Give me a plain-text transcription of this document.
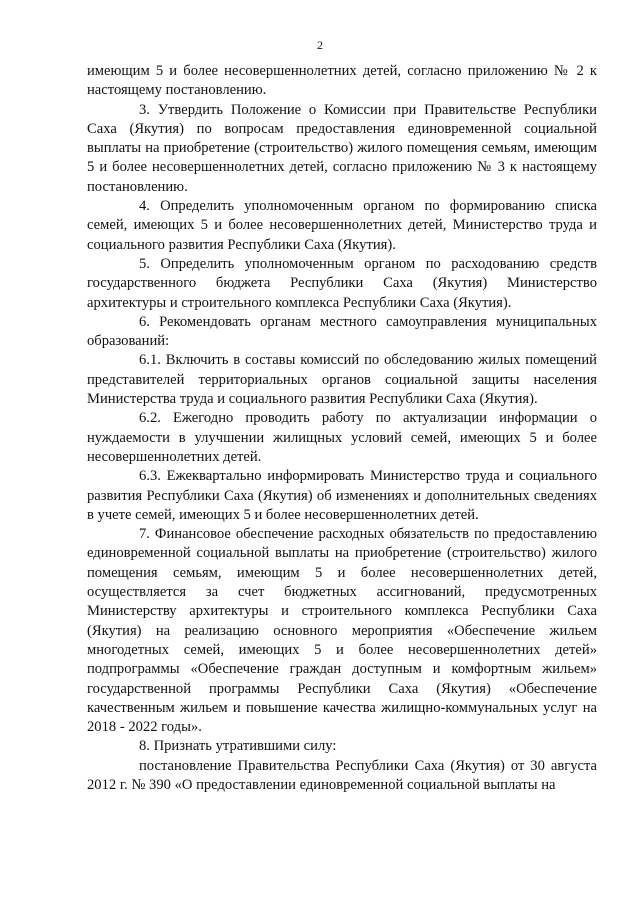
2

имеющим 5 и более несовершеннолетних детей, согласно приложению № 2 к настоящему постановлению.

3. Утвердить Положение о Комиссии при Правительстве Республики Саха (Якутия) по вопросам предоставления единовременной социальной выплаты на приобретение (строительство) жилого помещения семьям, имеющим 5 и более несовершеннолетних детей, согласно приложению № 3 к настоящему постановлению.

4. Определить уполномоченным органом по формированию списка семей, имеющих 5 и более несовершеннолетних детей, Министерство труда и социального развития Республики Саха (Якутия).

5. Определить уполномоченным органом по расходованию средств государственного бюджета Республики Саха (Якутия) Министерство архитектуры и строительного комплекса Республики Саха (Якутия).

6. Рекомендовать органам местного самоуправления муниципальных образований:

6.1. Включить в составы комиссий по обследованию жилых помещений представителей территориальных органов социальной защиты населения Министерства труда и социального развития Республики Саха (Якутия).

6.2. Ежегодно проводить работу по актуализации информации о нуждаемости в улучшении жилищных условий семей, имеющих 5 и более несовершеннолетних детей.

6.3. Ежеквартально информировать Министерство труда и социального развития Республики Саха (Якутия) об изменениях и дополнительных сведениях в учете семей, имеющих 5 и более несовершеннолетних детей.

7. Финансовое обеспечение расходных обязательств по предоставлению единовременной социальной выплаты на приобретение (строительство) жилого помещения семьям, имеющим 5 и более несовершеннолетних детей, осуществляется за счет бюджетных ассигнований, предусмотренных Министерству архитектуры и строительного комплекса Республики Саха (Якутия) на реализацию основного мероприятия «Обеспечение жильем многодетных семей, имеющих 5 и более несовершеннолетних детей» подпрограммы «Обеспечение граждан доступным и комфортным жильем» государственной программы Республики Саха (Якутия) «Обеспечение качественным жильем и повышение качества жилищно-коммунальных услуг на 2018 - 2022 годы».

8. Признать утратившими силу:

постановление Правительства Республики Саха (Якутия) от 30 августа 2012 г. № 390 «О предоставлении единовременной социальной выплаты на
